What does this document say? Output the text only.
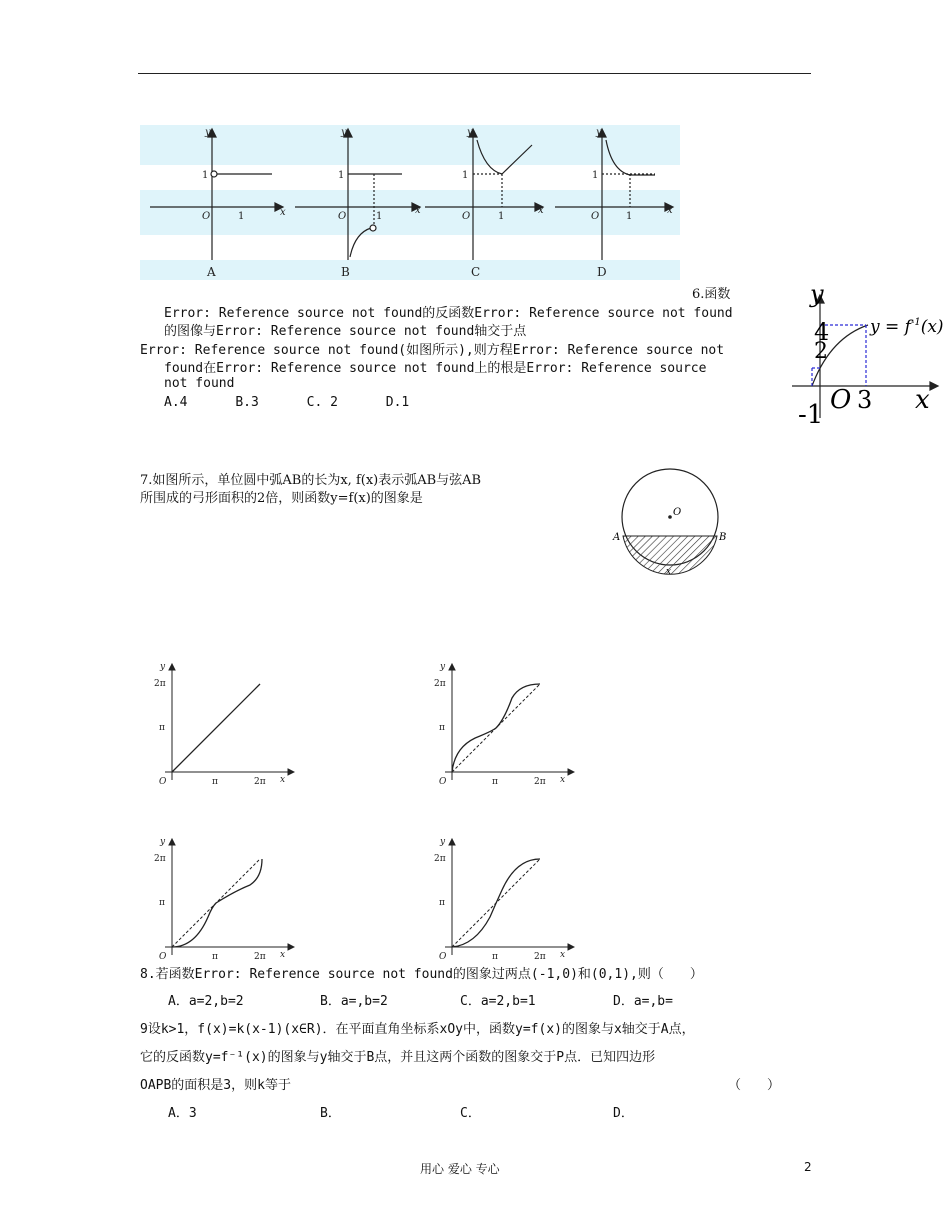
y
1
O	1	x
y
1
O	1
x
y
1
O	1
x
y
1
O	1
x
A	B	C	D
6.函数
Error: Reference source not found的反函数Error: Reference source not found
的图像与Error: Reference source not found轴交于点
Error: Reference source not found(如图所示),则方程Error: Reference source not
found在Error: Reference source not found上的根是Error: Reference source
not found
A.4	B.3	C. 2	D.1
y
x
4
2
-1 O 3
$y = f^{-1}(x)$
7.如图所示，单位圆中弧AB的长为x, f(x)表示弧AB与弦AB
所围成的弓形面积的2倍，则函数y=f(x)的图象是
O
A	B
x
y
2π
π
O	π	2π x
y
2π
π
O	π	2π x
y
2π
π
O	π	2π x
y
2π
π
O	π	2π x
8.若函数Error: Reference source not found的图象过两点(-1,0)和(0,1),则（　　）
A．a=2,b=2	B．a=,b=2	C．a=2,b=1	D．a=,b=
9设k>1，f(x)=k(x-1)(x∈R)．在平面直角坐标系xOy中，函数y=f(x)的图象与x轴交于A点，
它的反函数y=f⁻¹(x)的图象与y轴交于B点，并且这两个函数的图象交于P点．已知四边形
OAPB的面积是3，则k等于	（　　）
A．3	B．	C．	D．
用心 爱心 专心	2
